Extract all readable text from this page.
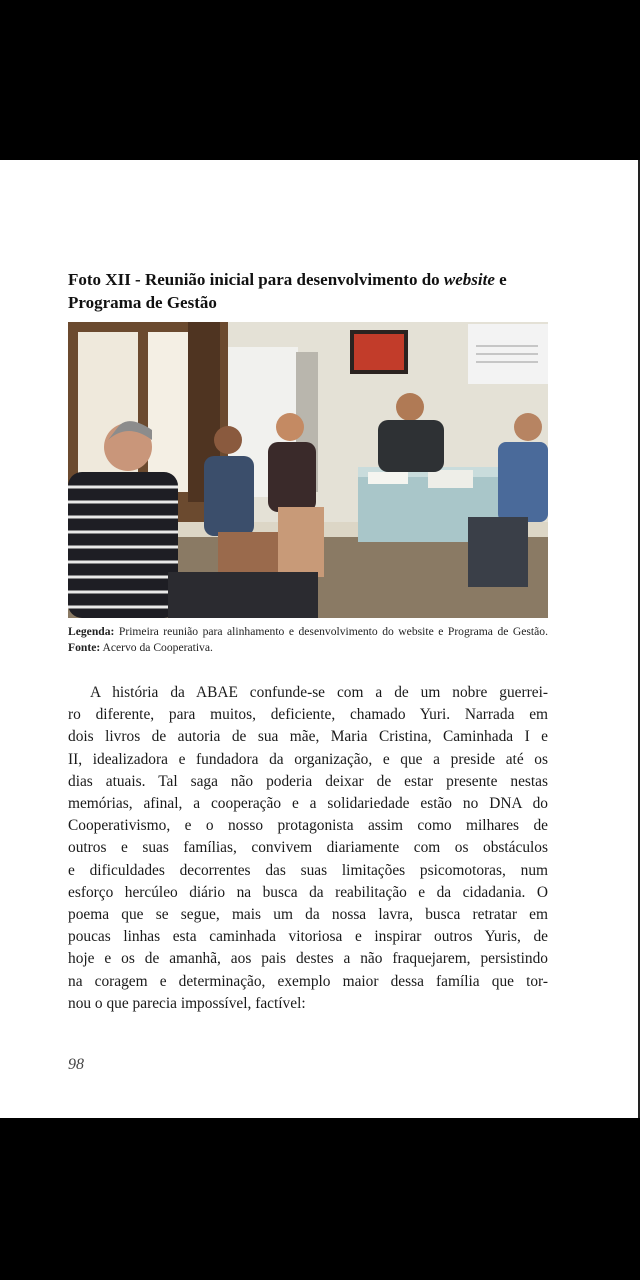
Foto XII - Reunião inicial para desenvolvimento do website e Programa de Gestão

Legenda: Primeira reunião para alinhamento e desenvolvimento do website e Programa de Gestão. Fonte: Acervo da Cooperativa.

A história da ABAE confunde-se com a de um nobre guerrei-
ro diferente, para muitos, deficiente, chamado Yuri. Narrada em
dois livros de autoria de sua mãe, Maria Cristina, Caminhada I e
II, idealizadora e fundadora da organização, e que a preside até os
dias atuais. Tal saga não poderia deixar de estar presente nestas
memórias, afinal, a cooperação e a solidariedade estão no DNA do
Cooperativismo, e o nosso protagonista assim como milhares de
outros e suas famílias, convivem diariamente com os obstáculos
e dificuldades decorrentes das suas limitações psicomotoras, num
esforço hercúleo diário na busca da reabilitação e da cidadania. O
poema que se segue, mais um da nossa lavra, busca retratar em
poucas linhas esta caminhada vitoriosa e inspirar outros Yuris, de
hoje e os de amanhã, aos pais destes a não fraquejarem, persistindo
na coragem e determinação, exemplo maior dessa família que tor-
nou o que parecia impossível, factível:
98
